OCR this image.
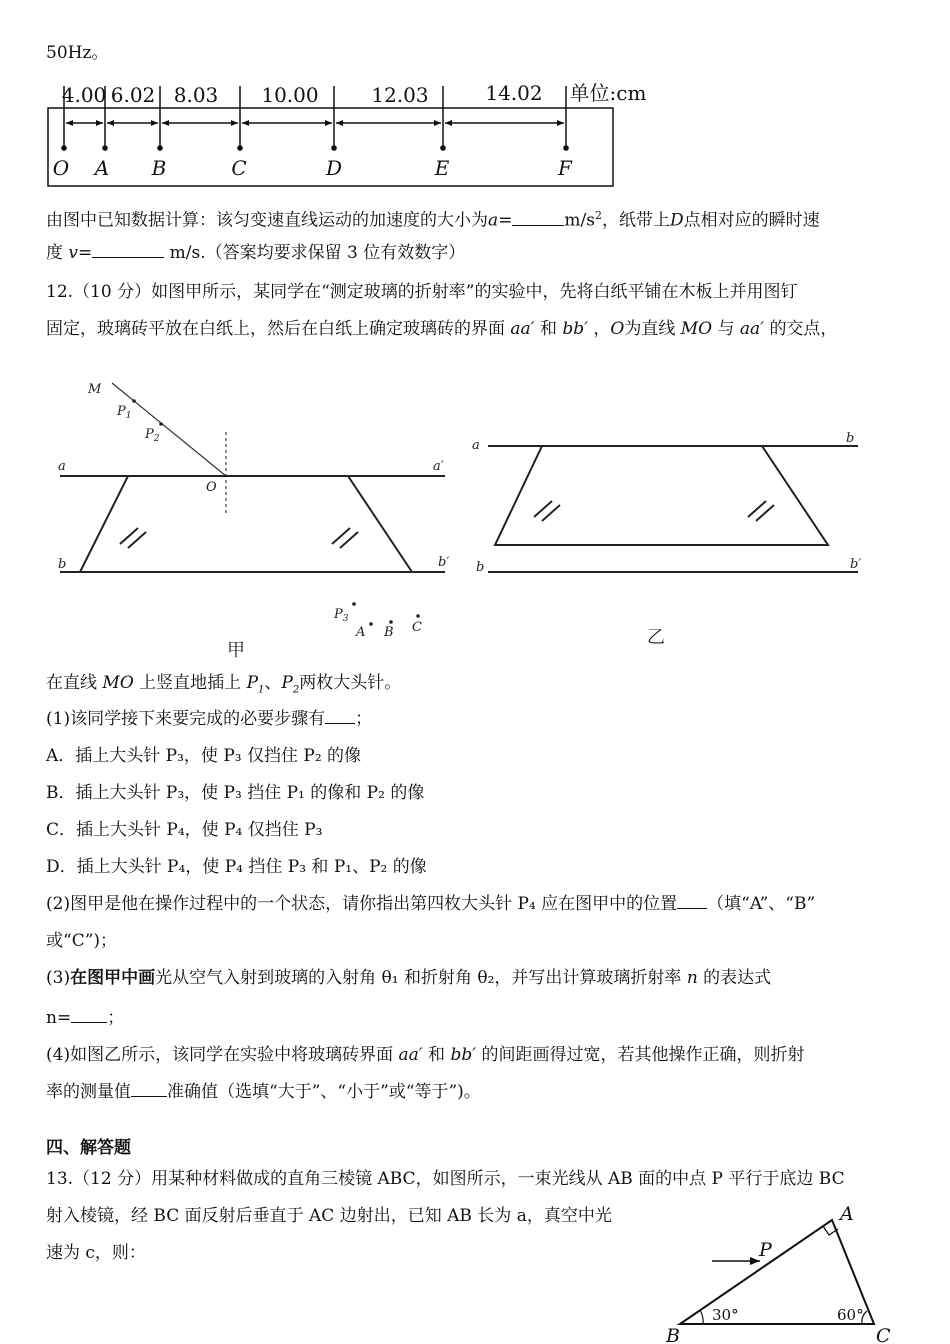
50Hz。
4.00 6.02 8.03 10.00	12.03	14.02 单位:cm
O A B	C	D	E	F
由图中已知数据计算：该匀变速直线运动的加速度的大小为a=	$m/s^2$，纸带上D点相对应的瞬时速
度 v=	m/s.（答案均要求保留 3 位有效数字）
12.（10 分）如图甲所示，某同学在“测定玻璃的折射率”的实验中，先将白纸平铺在木板上并用图钉
固定，玻璃砖平放在白纸上，然后在白纸上确定玻璃砖的界面 aa′ 和 bb′ ，O为直线 MO 与 aa′ 的交点，
M
$P_1$
$P_2$
a	a′
O
b	b′
$P_3$
A B C
甲
a	b
b	b′
乙
在直线 MO 上竖直地插上 $P_1$、$P_2$两枚大头针。
(1)该同学接下来要完成的必要步骤有 ；
A．插上大头针 P₃，使 P₃ 仅挡住 P₂ 的像
B．插上大头针 P₃，使 P₃ 挡住 P₁ 的像和 P₂ 的像
C．插上大头针 P₄，使 P₄ 仅挡住 P₃
D．插上大头针 P₄，使 P₄ 挡住 P₃ 和 P₁、P₂ 的像
(2)图甲是他在操作过程中的一个状态，请你指出第四枚大头针 P₄ 应在图甲中的位置 （填“A”、“B”
或“C”)；
(3)在图甲中画光从空气入射到玻璃的入射角 θ₁ 和折射角 θ₂，并写出计算玻璃折射率 n 的表达式
n= ；
(4)如图乙所示，该同学在实验中将玻璃砖界面 aa′ 和 bb′ 的间距画得过宽，若其他操作正确，则折射
率的测量值 准确值（选填“大于”、“小于”或“等于”)。
四、解答题
13.（12 分）用某种材料做成的直角三棱镜 ABC，如图所示，一束光线从 AB 面的中点 P 平行于底边 BC
射入棱镜，经 BC 面反射后垂直于 AC 边射出，已知 AB 长为 a，真空中光
速为 c，则：
A
B	C
P
30°	60°
